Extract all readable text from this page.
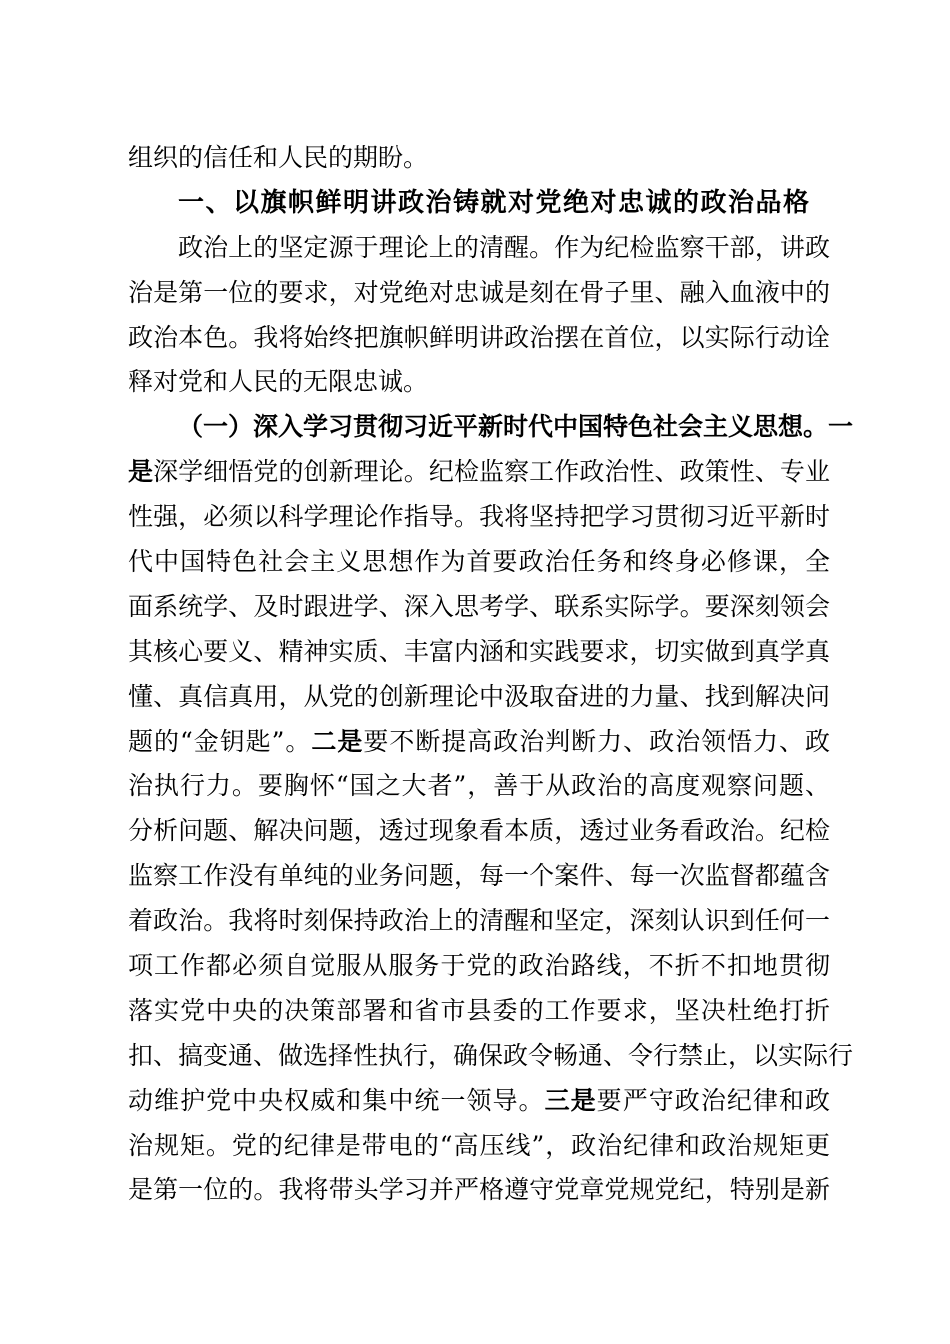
组织的信任和人民的期盼。
一、以旗帜鲜明讲政治铸就对党绝对忠诚的政治品格
政治上的坚定源于理论上的清醒。作为纪检监察干部，讲政
治是第一位的要求，对党绝对忠诚是刻在骨子里、融入血液中的
政治本色。我将始终把旗帜鲜明讲政治摆在首位，以实际行动诠
释对党和人民的无限忠诚。
（一）深入学习贯彻习近平新时代中国特色社会主义思想。一
是深学细悟党的创新理论。纪检监察工作政治性、政策性、专业
性强，必须以科学理论作指导。我将坚持把学习贯彻习近平新时
代中国特色社会主义思想作为首要政治任务和终身必修课，全
面系统学、及时跟进学、深入思考学、联系实际学。要深刻领会
其核心要义、精神实质、丰富内涵和实践要求，切实做到真学真
懂、真信真用，从党的创新理论中汲取奋进的力量、找到解决问
题的“金钥匙”。二是要不断提高政治判断力、政治领悟力、政
治执行力。要胸怀“国之大者”，善于从政治的高度观察问题、
分析问题、解决问题，透过现象看本质，透过业务看政治。纪检
监察工作没有单纯的业务问题，每一个案件、每一次监督都蕴含
着政治。我将时刻保持政治上的清醒和坚定，深刻认识到任何一
项工作都必须自觉服从服务于党的政治路线，不折不扣地贯彻
落实党中央的决策部署和省市县委的工作要求，坚决杜绝打折
扣、搞变通、做选择性执行，确保政令畅通、令行禁止，以实际行
动维护党中央权威和集中统一领导。三是要严守政治纪律和政
治规矩。党的纪律是带电的“高压线”，政治纪律和政治规矩更
是第一位的。我将带头学习并严格遵守党章党规党纪，特别是新
